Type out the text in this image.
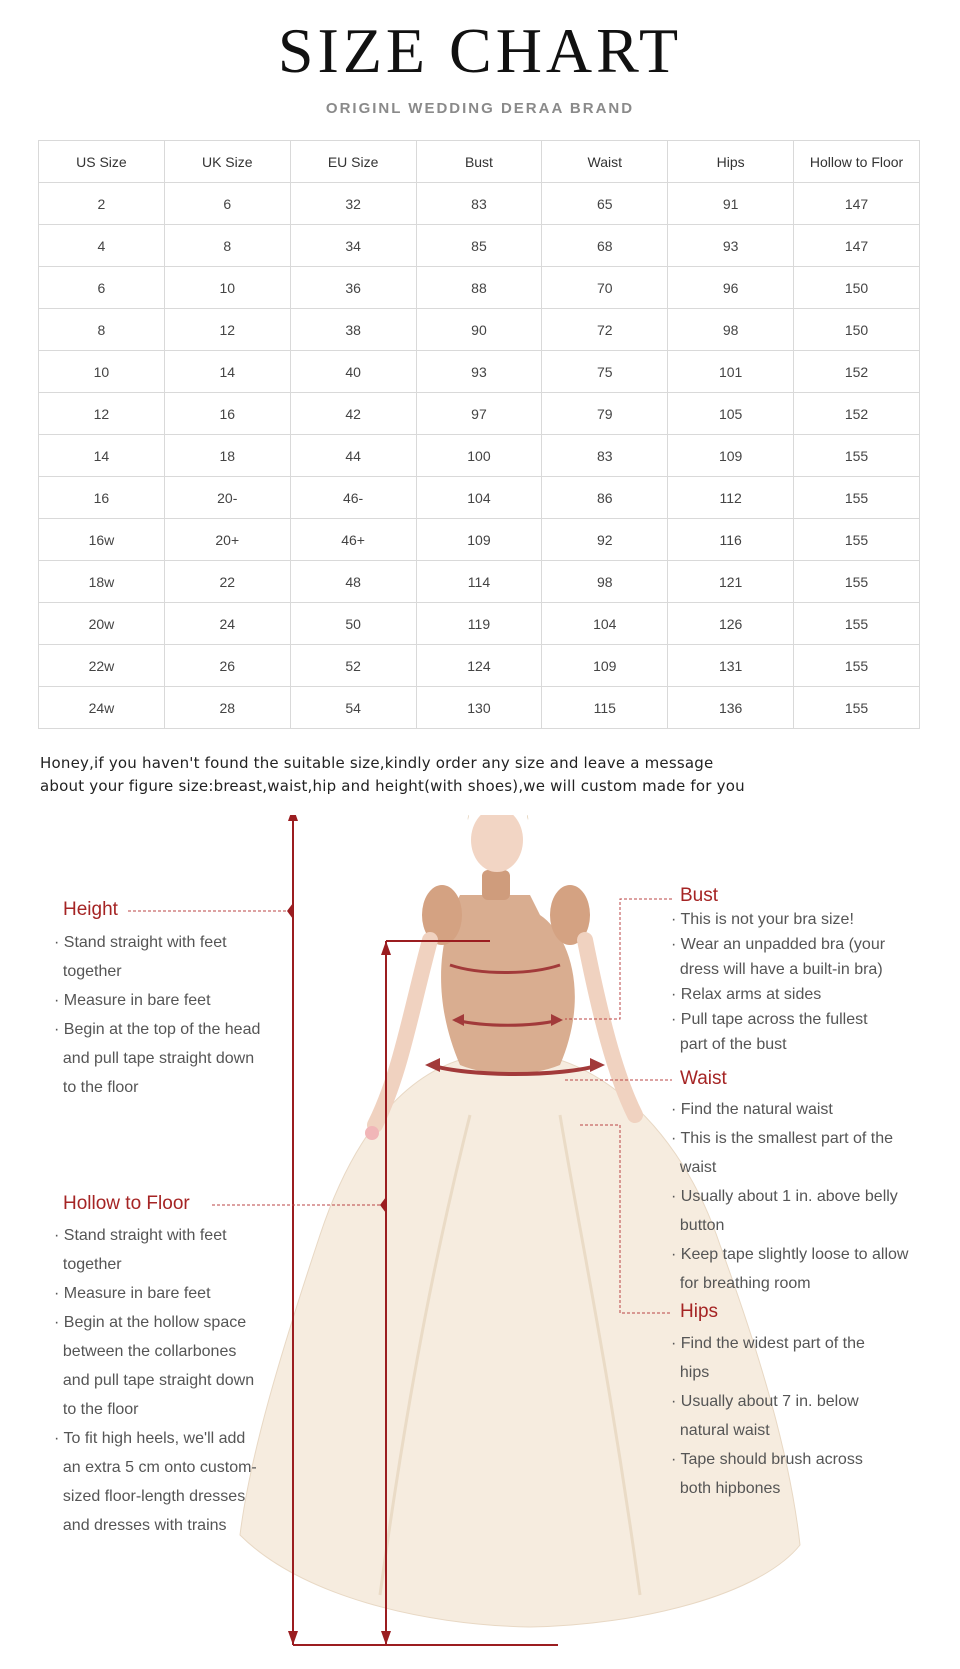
SIZE CHART
ORIGINL WEDDING DERAA BRAND
US Size	UK Size	EU Size	Bust	Waist	Hips	Hollow to Floor
2	6	32	83	65	91	147
4	8	34	85	68	93	147
6	10	36	88	70	96	150
8	12	38	90	72	98	150
10	14	40	93	75	101	152
12	16	42	97	79	105	152
14	18	44	100	83	109	155
16	20-	46-	104	86	112	155
16w	20+	46+	109	92	116	155
18w	22	48	114	98	121	155
20w	24	50	119	104	126	155
22w	26	52	124	109	131	155
24w	28	54	130	115	136	155
Honey,if you haven't found the suitable size,kindly order any size and leave a message
about your figure size:breast,waist,hip and height(with shoes),we will custom made for you
Height
· Stand straight with feet
together
· Measure in bare feet
· Begin at the top of the head
and pull tape straight down
to the floor
Hollow to Floor
· Stand straight with feet
together
· Measure in bare feet
· Begin at the hollow space
between the collarbones
and pull tape straight down
to the floor
· To fit high heels, we'll add
an extra 5 cm onto custom-
sized floor-length dresses
and dresses with trains
Bust
· This is not your bra size!
· Wear an unpadded bra (your
dress will have a built-in bra)
· Relax arms at sides
· Pull tape across the fullest
part of the bust
Waist
· Find the natural waist
· This is the smallest part of the
waist
· Usually about 1 in. above belly
button
· Keep tape slightly loose to allow
for breathing room
Hips
· Find the widest part of the
hips
· Usually about 7 in. below
natural waist
· Tape should brush across
both hipbones
